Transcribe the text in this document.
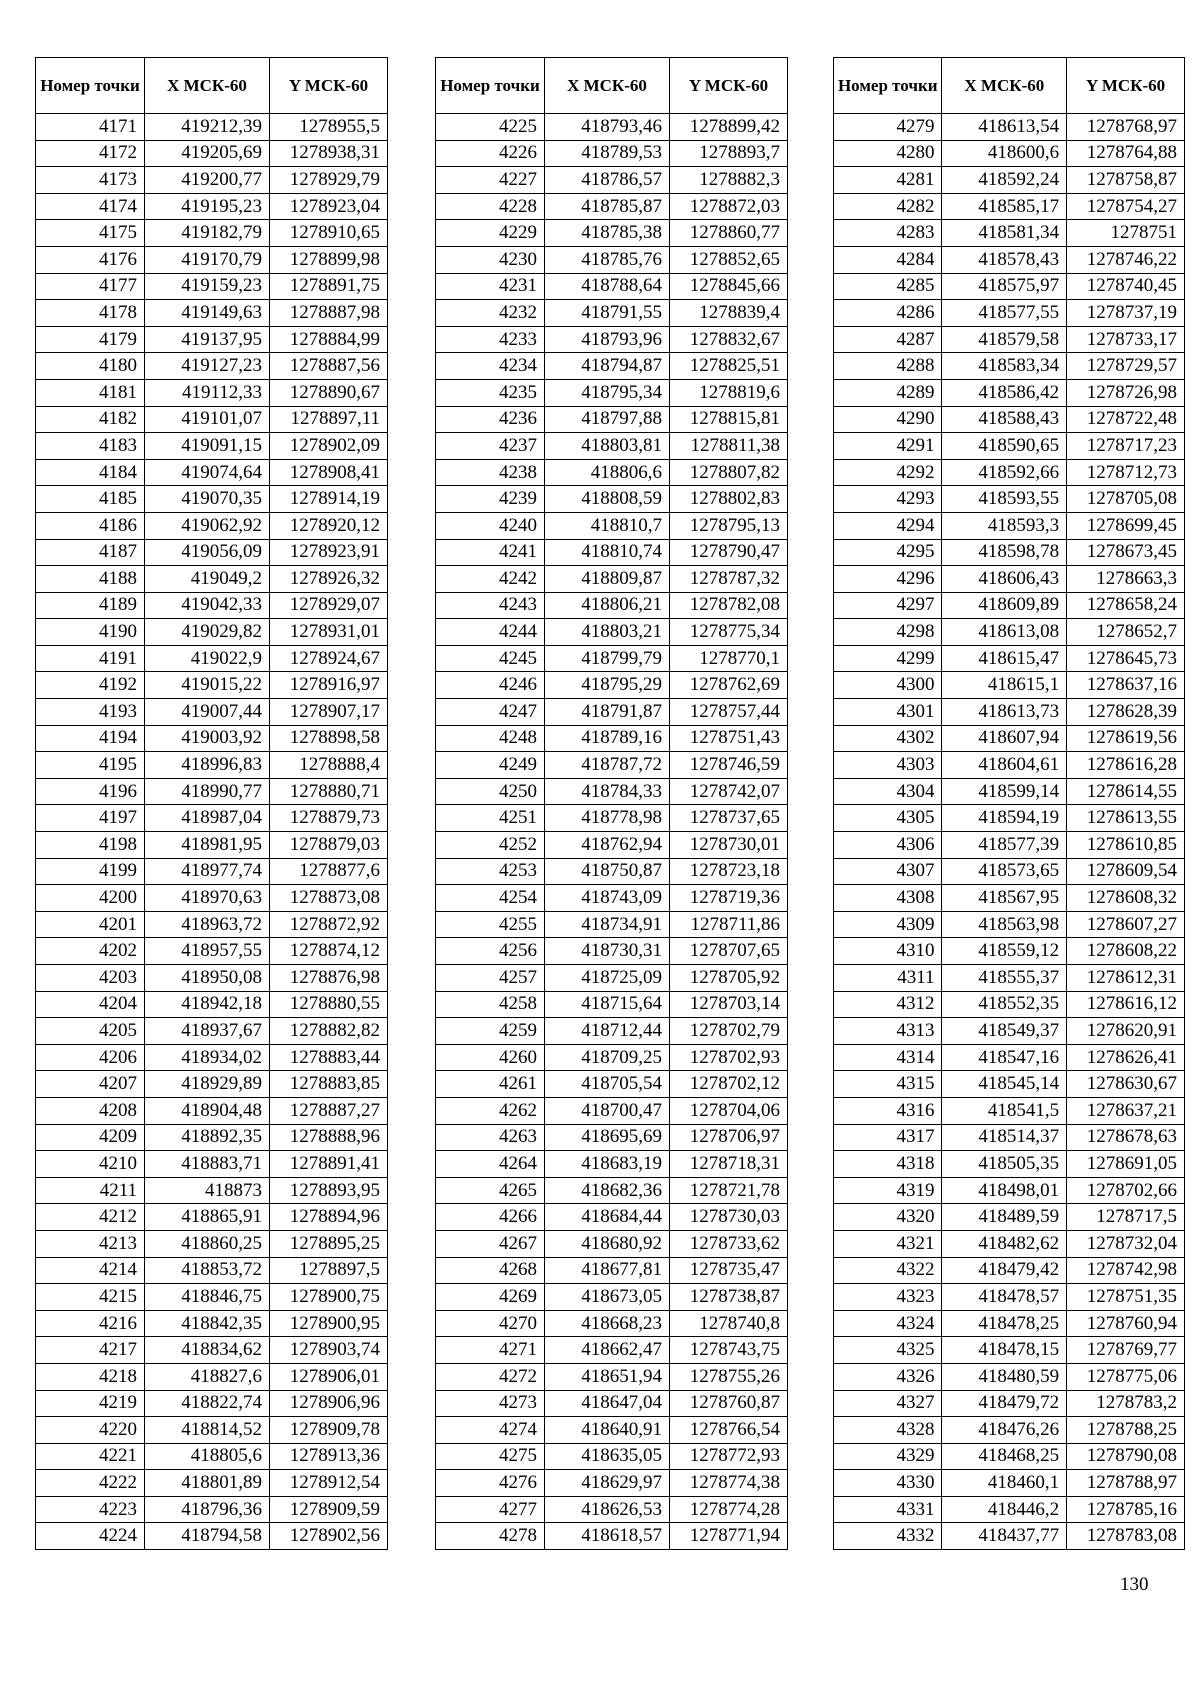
Номер точки	X МСК-60	Y МСК-60
4171	419212,39	1278955,5
4172	419205,69	1278938,31
4173	419200,77	1278929,79
4174	419195,23	1278923,04
4175	419182,79	1278910,65
4176	419170,79	1278899,98
4177	419159,23	1278891,75
4178	419149,63	1278887,98
4179	419137,95	1278884,99
4180	419127,23	1278887,56
4181	419112,33	1278890,67
4182	419101,07	1278897,11
4183	419091,15	1278902,09
4184	419074,64	1278908,41
4185	419070,35	1278914,19
4186	419062,92	1278920,12
4187	419056,09	1278923,91
4188	419049,2	1278926,32
4189	419042,33	1278929,07
4190	419029,82	1278931,01
4191	419022,9	1278924,67
4192	419015,22	1278916,97
4193	419007,44	1278907,17
4194	419003,92	1278898,58
4195	418996,83	1278888,4
4196	418990,77	1278880,71
4197	418987,04	1278879,73
4198	418981,95	1278879,03
4199	418977,74	1278877,6
4200	418970,63	1278873,08
4201	418963,72	1278872,92
4202	418957,55	1278874,12
4203	418950,08	1278876,98
4204	418942,18	1278880,55
4205	418937,67	1278882,82
4206	418934,02	1278883,44
4207	418929,89	1278883,85
4208	418904,48	1278887,27
4209	418892,35	1278888,96
4210	418883,71	1278891,41
4211	418873	1278893,95
4212	418865,91	1278894,96
4213	418860,25	1278895,25
4214	418853,72	1278897,5
4215	418846,75	1278900,75
4216	418842,35	1278900,95
4217	418834,62	1278903,74
4218	418827,6	1278906,01
4219	418822,74	1278906,96
4220	418814,52	1278909,78
4221	418805,6	1278913,36
4222	418801,89	1278912,54
4223	418796,36	1278909,59
4224	418794,58	1278902,56
Номер точки	X МСК-60	Y МСК-60
4225	418793,46	1278899,42
4226	418789,53	1278893,7
4227	418786,57	1278882,3
4228	418785,87	1278872,03
4229	418785,38	1278860,77
4230	418785,76	1278852,65
4231	418788,64	1278845,66
4232	418791,55	1278839,4
4233	418793,96	1278832,67
4234	418794,87	1278825,51
4235	418795,34	1278819,6
4236	418797,88	1278815,81
4237	418803,81	1278811,38
4238	418806,6	1278807,82
4239	418808,59	1278802,83
4240	418810,7	1278795,13
4241	418810,74	1278790,47
4242	418809,87	1278787,32
4243	418806,21	1278782,08
4244	418803,21	1278775,34
4245	418799,79	1278770,1
4246	418795,29	1278762,69
4247	418791,87	1278757,44
4248	418789,16	1278751,43
4249	418787,72	1278746,59
4250	418784,33	1278742,07
4251	418778,98	1278737,65
4252	418762,94	1278730,01
4253	418750,87	1278723,18
4254	418743,09	1278719,36
4255	418734,91	1278711,86
4256	418730,31	1278707,65
4257	418725,09	1278705,92
4258	418715,64	1278703,14
4259	418712,44	1278702,79
4260	418709,25	1278702,93
4261	418705,54	1278702,12
4262	418700,47	1278704,06
4263	418695,69	1278706,97
4264	418683,19	1278718,31
4265	418682,36	1278721,78
4266	418684,44	1278730,03
4267	418680,92	1278733,62
4268	418677,81	1278735,47
4269	418673,05	1278738,87
4270	418668,23	1278740,8
4271	418662,47	1278743,75
4272	418651,94	1278755,26
4273	418647,04	1278760,87
4274	418640,91	1278766,54
4275	418635,05	1278772,93
4276	418629,97	1278774,38
4277	418626,53	1278774,28
4278	418618,57	1278771,94
Номер точки	X МСК-60	Y МСК-60
4279	418613,54	1278768,97
4280	418600,6	1278764,88
4281	418592,24	1278758,87
4282	418585,17	1278754,27
4283	418581,34	1278751
4284	418578,43	1278746,22
4285	418575,97	1278740,45
4286	418577,55	1278737,19
4287	418579,58	1278733,17
4288	418583,34	1278729,57
4289	418586,42	1278726,98
4290	418588,43	1278722,48
4291	418590,65	1278717,23
4292	418592,66	1278712,73
4293	418593,55	1278705,08
4294	418593,3	1278699,45
4295	418598,78	1278673,45
4296	418606,43	1278663,3
4297	418609,89	1278658,24
4298	418613,08	1278652,7
4299	418615,47	1278645,73
4300	418615,1	1278637,16
4301	418613,73	1278628,39
4302	418607,94	1278619,56
4303	418604,61	1278616,28
4304	418599,14	1278614,55
4305	418594,19	1278613,55
4306	418577,39	1278610,85
4307	418573,65	1278609,54
4308	418567,95	1278608,32
4309	418563,98	1278607,27
4310	418559,12	1278608,22
4311	418555,37	1278612,31
4312	418552,35	1278616,12
4313	418549,37	1278620,91
4314	418547,16	1278626,41
4315	418545,14	1278630,67
4316	418541,5	1278637,21
4317	418514,37	1278678,63
4318	418505,35	1278691,05
4319	418498,01	1278702,66
4320	418489,59	1278717,5
4321	418482,62	1278732,04
4322	418479,42	1278742,98
4323	418478,57	1278751,35
4324	418478,25	1278760,94
4325	418478,15	1278769,77
4326	418480,59	1278775,06
4327	418479,72	1278783,2
4328	418476,26	1278788,25
4329	418468,25	1278790,08
4330	418460,1	1278788,97
4331	418446,2	1278785,16
4332	418437,77	1278783,08
130
